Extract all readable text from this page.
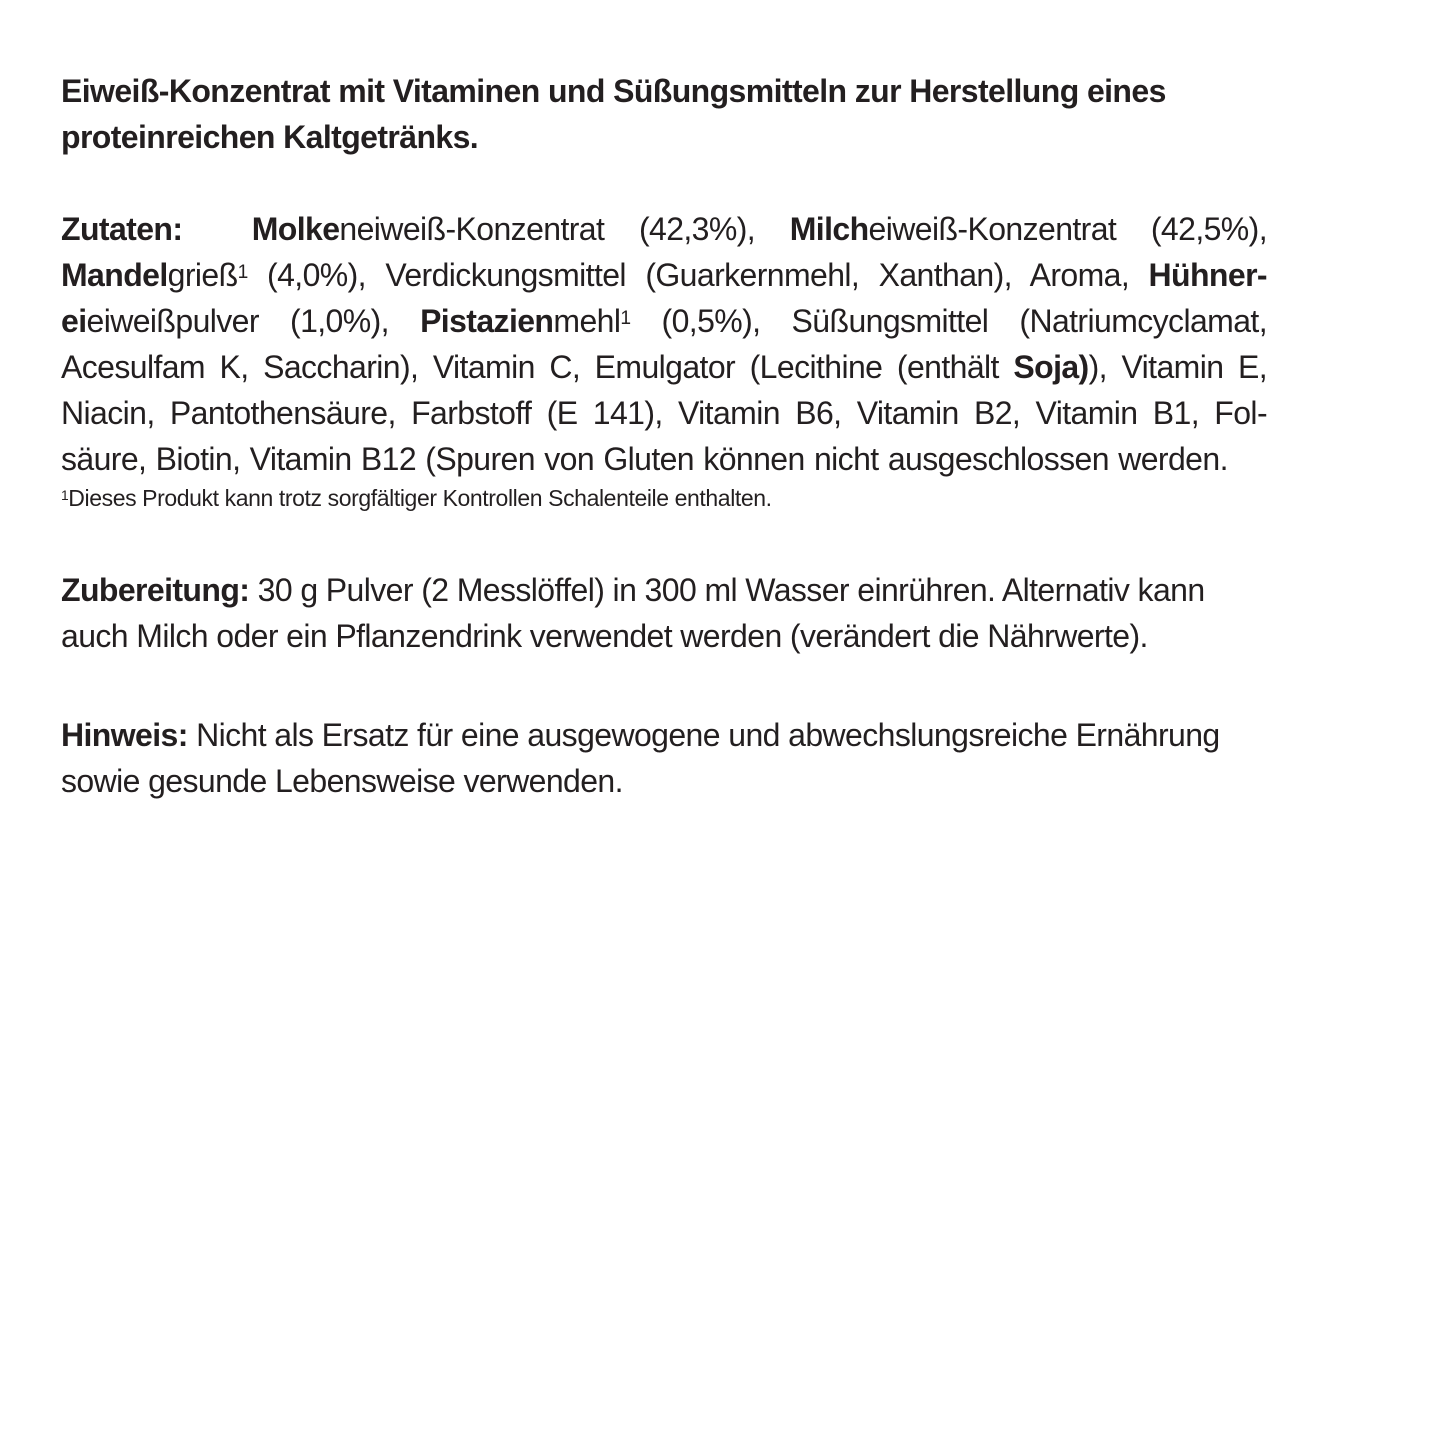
Eiweiß-Konzentrat mit Vitaminen und Süßungsmitteln zur Herstellung eines proteinreichen Kaltgetränks.

Zutaten: Molkeneiweiß-Konzentrat (42,3%), Milcheiweiß-Konzentrat (42,5%), Mandelgrieß$^1$ (4,0%), Verdickungsmittel (Guarkernmehl, Xanthan), Aroma, Hühner-eieiweißpulver (1,0%), Pistazienmehl$^1$ (0,5%), Süßungsmittel (Natriumcyclamat, Acesulfam K, Saccharin), Vitamin C, Emulgator (Lecithine (enthält Soja)), Vitamin E, Niacin, Pantothensäure, Farbstoff (E 141), Vitamin B6, Vitamin B2, Vitamin B1, Fol-säure, Biotin, Vitamin B12 (Spuren von Gluten können nicht ausgeschlossen werden.

$^1$Dieses Produkt kann trotz sorgfältiger Kontrollen Schalenteile enthalten.

Zubereitung: 30 g Pulver (2 Messlöffel) in 300 ml Wasser einrühren. Alternativ kann auch Milch oder ein Pflanzendrink verwendet werden (verändert die Nährwerte).

Hinweis: Nicht als Ersatz für eine ausgewogene und abwechslungsreiche Ernährung sowie gesunde Lebensweise verwenden.
